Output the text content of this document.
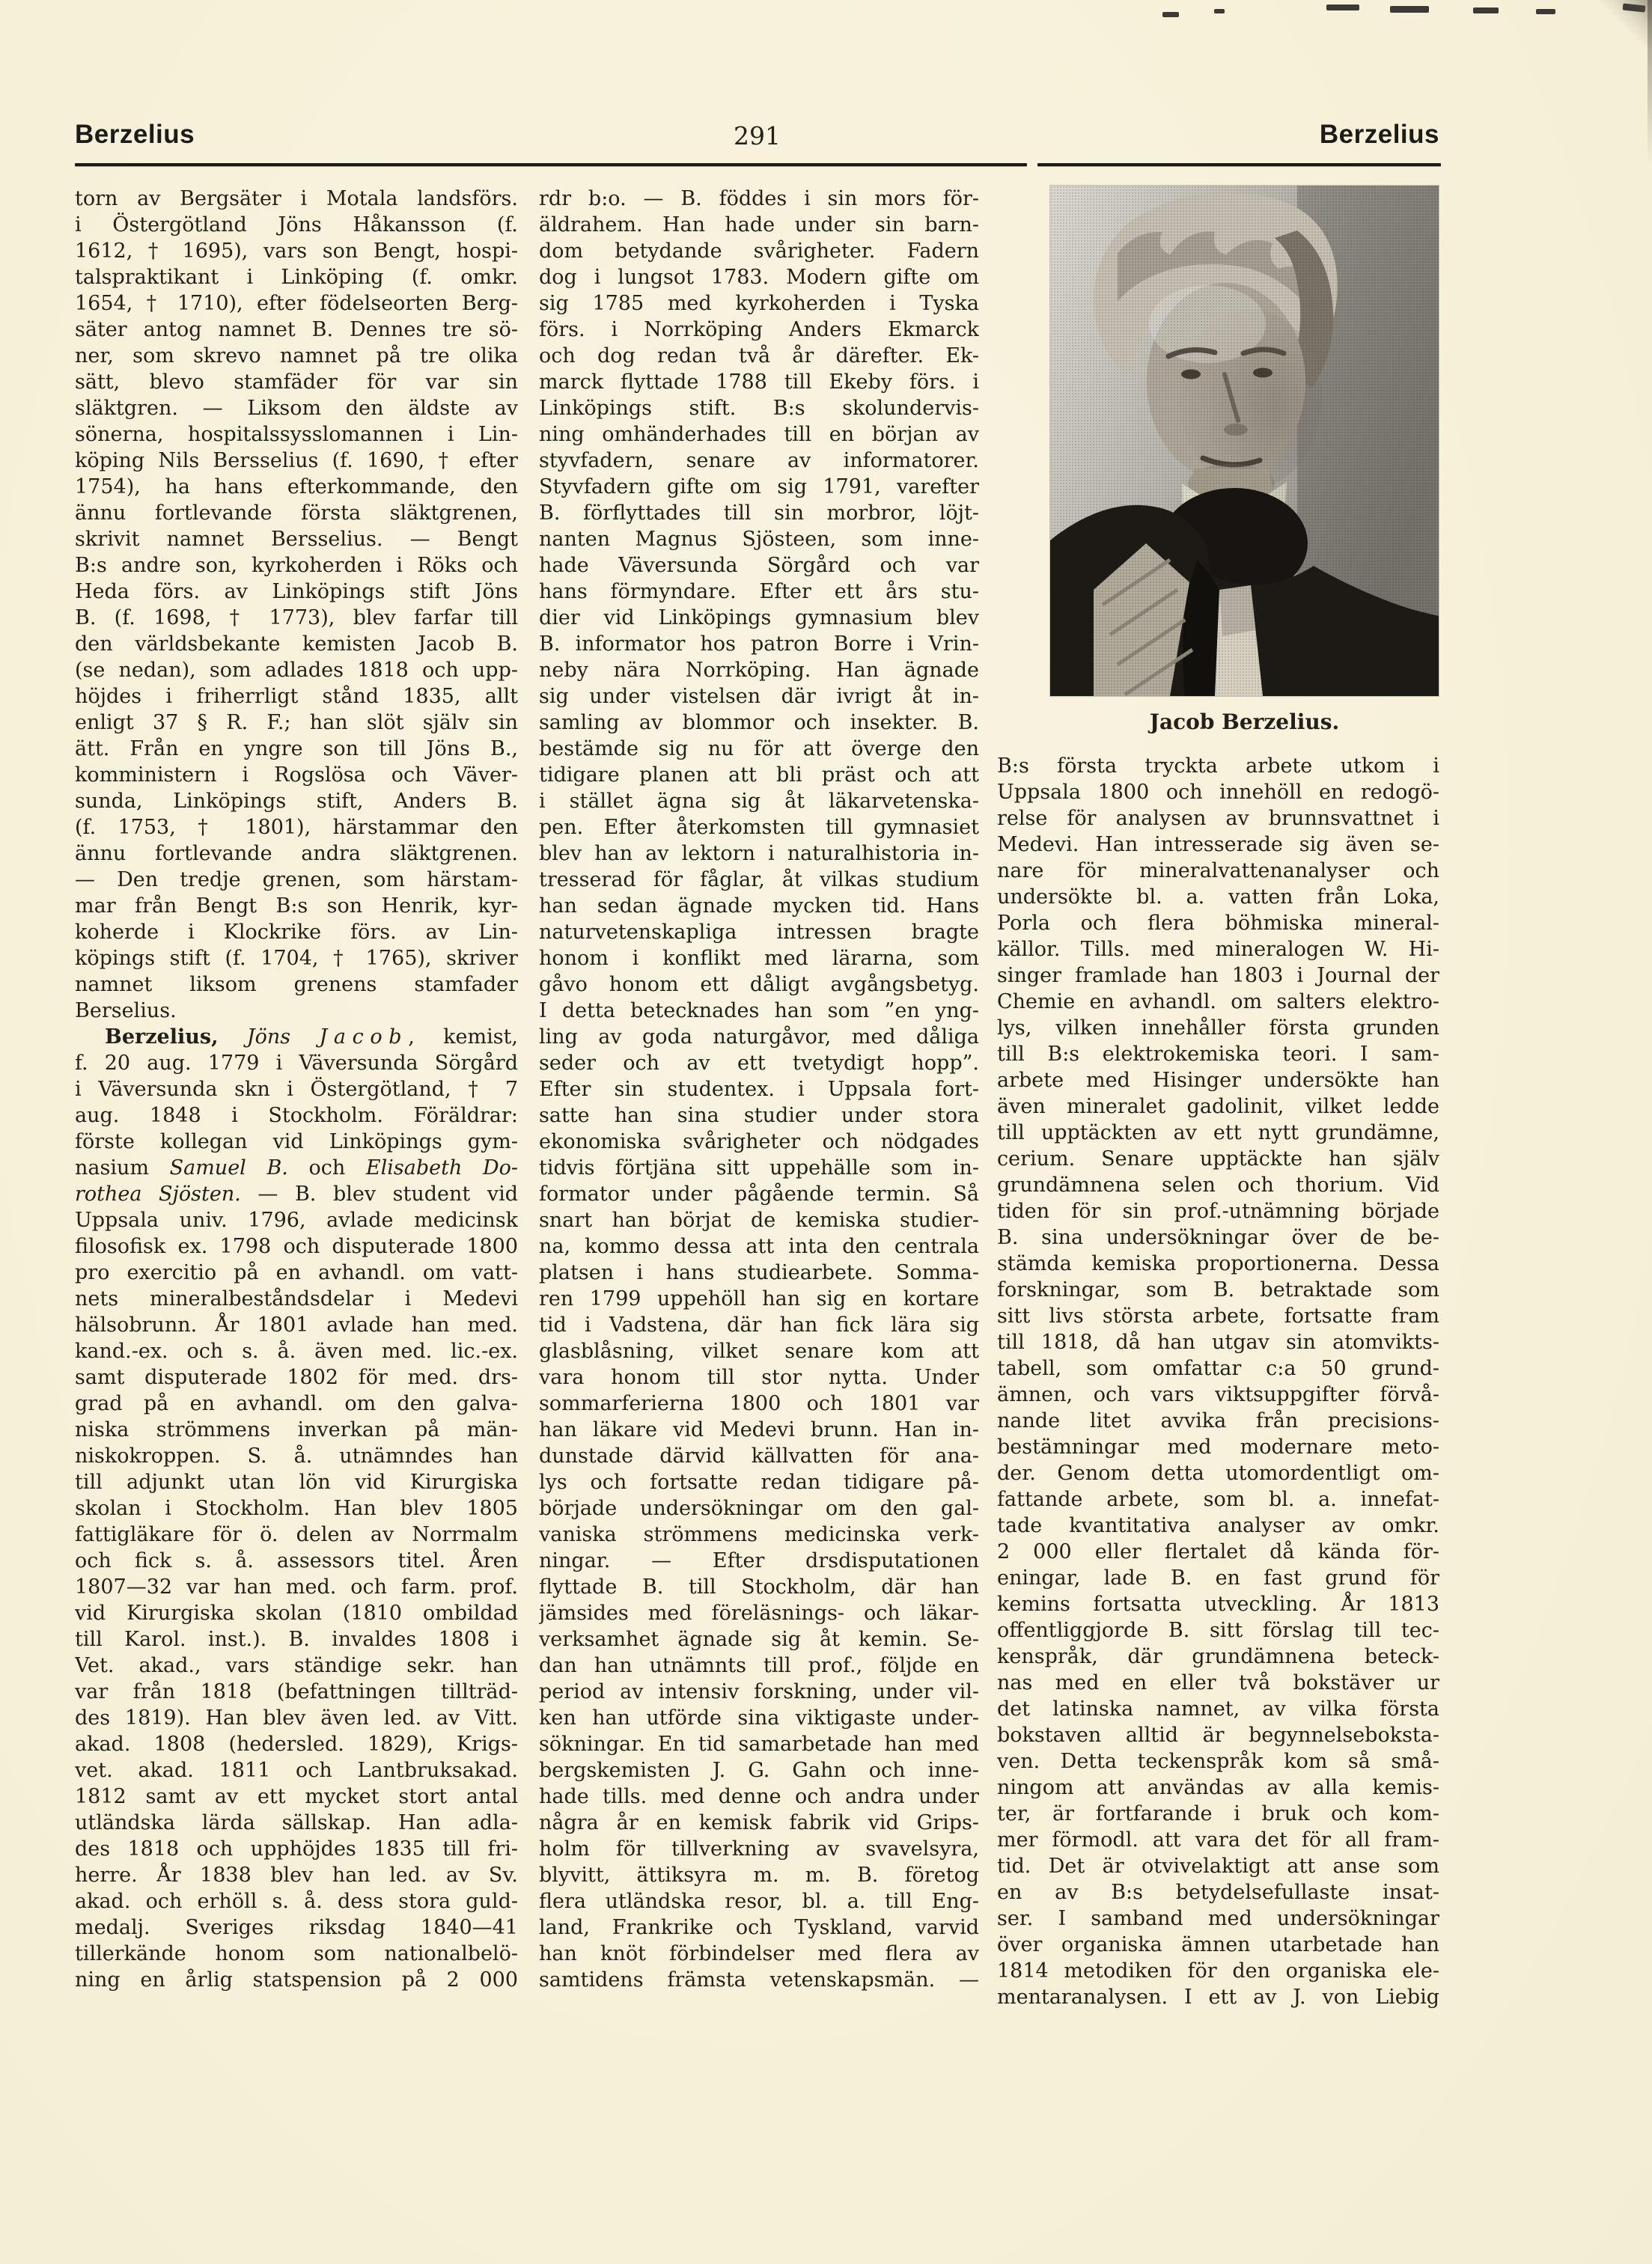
Berzelius	291	Berzelius
torn av Bergsäter i Motala landsförs.
i Östergötland Jöns Håkansson (f.
1612, † 1695), vars son Bengt, hospi-
talspraktikant i Linköping (f. omkr.
1654, † 1710), efter födelseorten Berg-
säter antog namnet B. Dennes tre sö-
ner, som skrevo namnet på tre olika
sätt, blevo stamfäder för var sin
släktgren. — Liksom den äldste av
sönerna, hospitalssysslomannen i Lin-
köping Nils Bersselius (f. 1690, † efter
1754), ha hans efterkommande, den
ännu fortlevande första släktgrenen,
skrivit namnet Bersselius. — Bengt
B:s andre son, kyrkoherden i Röks och
Heda förs. av Linköpings stift Jöns
B. (f. 1698, † 1773), blev farfar till
den världsbekante kemisten Jacob B.
(se nedan), som adlades 1818 och upp-
höjdes i friherrligt stånd 1835, allt
enligt 37 § R. F.; han slöt själv sin
ätt. Från en yngre son till Jöns B.,
komministern i Rogslösa och Väver-
sunda, Linköpings stift, Anders B.
(f. 1753, † 1801), härstammar den
ännu fortlevande andra släktgrenen.
— Den tredje grenen, som härstam-
mar från Bengt B:s son Henrik, kyr-
koherde i Klockrike förs. av Lin-
köpings stift (f. 1704, † 1765), skriver
namnet liksom grenens stamfader
Berselius.
Berzelius, Jöns Jacob, kemist,
f. 20 aug. 1779 i Väversunda Sörgård
i Väversunda skn i Östergötland, † 7
aug. 1848 i Stockholm. Föräldrar:
förste kollegan vid Linköpings gym-
nasium Samuel B. och Elisabeth Do-
rothea Sjösten. — B. blev student vid
Uppsala univ. 1796, avlade medicinsk
filosofisk ex. 1798 och disputerade 1800
pro exercitio på en avhandl. om vatt-
nets mineralbeståndsdelar i Medevi
hälsobrunn. År 1801 avlade han med.
kand.-ex. och s. å. även med. lic.-ex.
samt disputerade 1802 för med. drs-
grad på en avhandl. om den galva-
niska strömmens inverkan på män-
niskokroppen. S. å. utnämndes han
till adjunkt utan lön vid Kirurgiska
skolan i Stockholm. Han blev 1805
fattigläkare för ö. delen av Norrmalm
och fick s. å. assessors titel. Åren
1807—32 var han med. och farm. prof.
vid Kirurgiska skolan (1810 ombildad
till Karol. inst.). B. invaldes 1808 i
Vet. akad., vars ständige sekr. han
var från 1818 (befattningen tillträd-
des 1819). Han blev även led. av Vitt.
akad. 1808 (hedersled. 1829), Krigs-
vet. akad. 1811 och Lantbruksakad.
1812 samt av ett mycket stort antal
utländska lärda sällskap. Han adla-
des 1818 och upphöjdes 1835 till fri-
herre. År 1838 blev han led. av Sv.
akad. och erhöll s. å. dess stora guld-
medalj. Sveriges riksdag 1840—41
tillerkände honom som nationalbelö-
ning en årlig statspension på 2 000
rdr b:o. — B. föddes i sin mors för-
äldrahem. Han hade under sin barn-
dom betydande svårigheter. Fadern
dog i lungsot 1783. Modern gifte om
sig 1785 med kyrkoherden i Tyska
förs. i Norrköping Anders Ekmarck
och dog redan två år därefter. Ek-
marck flyttade 1788 till Ekeby förs. i
Linköpings stift. B:s skolundervis-
ning omhänderhades till en början av
styvfadern, senare av informatorer.
Styvfadern gifte om sig 1791, varefter
B. förflyttades till sin morbror, löjt-
nanten Magnus Sjösteen, som inne-
hade Väversunda Sörgård och var
hans förmyndare. Efter ett års stu-
dier vid Linköpings gymnasium blev
B. informator hos patron Borre i Vrin-
neby nära Norrköping. Han ägnade
sig under vistelsen där ivrigt åt in-
samling av blommor och insekter. B.
bestämde sig nu för att överge den
tidigare planen att bli präst och att
i stället ägna sig åt läkarvetenska-
pen. Efter återkomsten till gymnasiet
blev han av lektorn i naturalhistoria in-
tresserad för fåglar, åt vilkas studium
han sedan ägnade mycken tid. Hans
naturvetenskapliga intressen bragte
honom i konflikt med lärarna, som
gåvo honom ett dåligt avgångsbetyg.
I detta betecknades han som ”en yng-
ling av goda naturgåvor, med dåliga
seder och av ett tvetydigt hopp”.
Efter sin studentex. i Uppsala fort-
satte han sina studier under stora
ekonomiska svårigheter och nödgades
tidvis förtjäna sitt uppehälle som in-
formator under pågående termin. Så
snart han börjat de kemiska studier-
na, kommo dessa att inta den centrala
platsen i hans studiearbete. Somma-
ren 1799 uppehöll han sig en kortare
tid i Vadstena, där han fick lära sig
glasblåsning, vilket senare kom att
vara honom till stor nytta. Under
sommarferierna 1800 och 1801 var
han läkare vid Medevi brunn. Han in-
dunstade därvid källvatten för ana-
lys och fortsatte redan tidigare på-
började undersökningar om den gal-
vaniska strömmens medicinska verk-
ningar. — Efter drsdisputationen
flyttade B. till Stockholm, där han
jämsides med föreläsnings- och läkar-
verksamhet ägnade sig åt kemin. Se-
dan han utnämnts till prof., följde en
period av intensiv forskning, under vil-
ken han utförde sina viktigaste under-
sökningar. En tid samarbetade han med
bergskemisten J. G. Gahn och inne-
hade tills. med denne och andra under
några år en kemisk fabrik vid Grips-
holm för tillverkning av svavelsyra,
blyvitt, ättiksyra m. m. B. företog
flera utländska resor, bl. a. till Eng-
land, Frankrike och Tyskland, varvid
han knöt förbindelser med flera av
samtidens främsta vetenskapsmän. —
B:s första tryckta arbete utkom i
Uppsala 1800 och innehöll en redogö-
relse för analysen av brunnsvattnet i
Medevi. Han intresserade sig även se-
nare för mineralvattenanalyser och
undersökte bl. a. vatten från Loka,
Porla och flera böhmiska mineral-
källor. Tills. med mineralogen W. Hi-
singer framlade han 1803 i Journal der
Chemie en avhandl. om salters elektro-
lys, vilken innehåller första grunden
till B:s elektrokemiska teori. I sam-
arbete med Hisinger undersökte han
även mineralet gadolinit, vilket ledde
till upptäckten av ett nytt grundämne,
cerium. Senare upptäckte han själv
grundämnena selen och thorium. Vid
tiden för sin prof.-utnämning började
B. sina undersökningar över de be-
stämda kemiska proportionerna. Dessa
forskningar, som B. betraktade som
sitt livs största arbete, fortsatte fram
till 1818, då han utgav sin atomvikts-
tabell, som omfattar c:a 50 grund-
ämnen, och vars viktsuppgifter förvå-
nande litet avvika från precisions-
bestämningar med modernare meto-
der. Genom detta utomordentligt om-
fattande arbete, som bl. a. innefat-
tade kvantitativa analyser av omkr.
2 000 eller flertalet då kända för-
eningar, lade B. en fast grund för
kemins fortsatta utveckling. År 1813
offentliggjorde B. sitt förslag till tec-
kenspråk, där grundämnena beteck-
nas med en eller två bokstäver ur
det latinska namnet, av vilka första
bokstaven alltid är begynnelseboksta-
ven. Detta teckenspråk kom så små-
ningom att användas av alla kemis-
ter, är fortfarande i bruk och kom-
mer förmodl. att vara det för all fram-
tid. Det är otvivelaktigt att anse som
en av B:s betydelsefullaste insat-
ser. I samband med undersökningar
över organiska ämnen utarbetade han
1814 metodiken för den organiska ele-
mentaranalysen. I ett av J. von Liebig
Jacob Berzelius.
